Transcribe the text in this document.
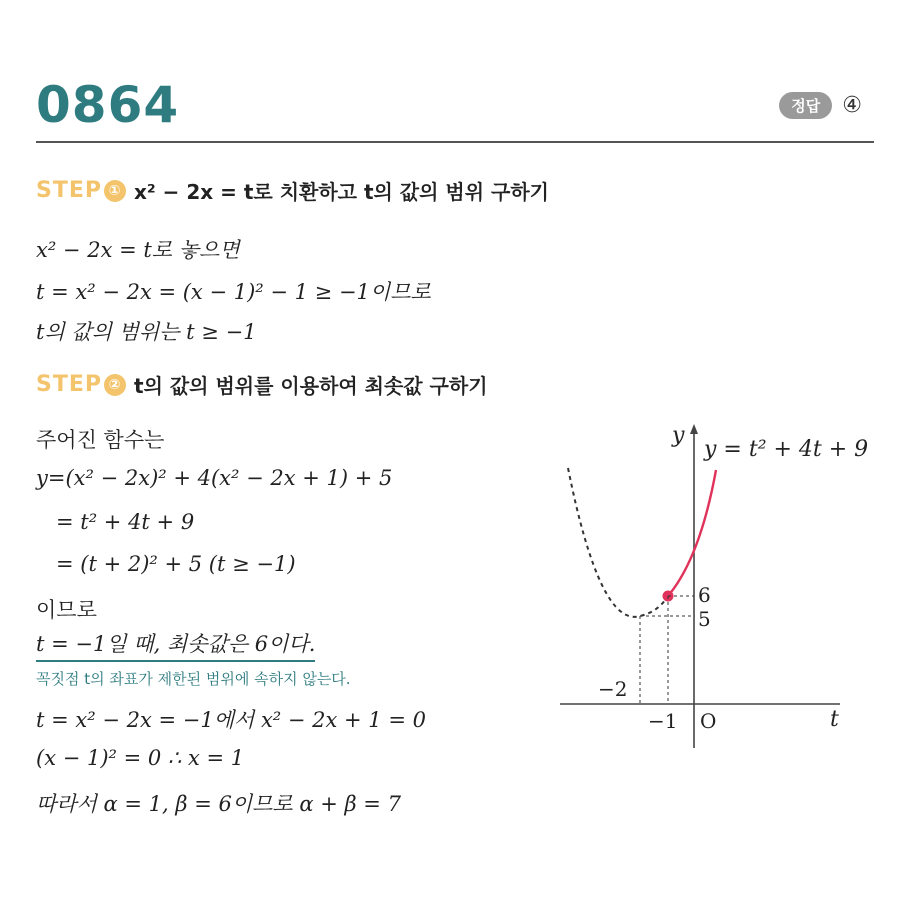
0864	정답	④
STEP ① x² − 2x = t로 치환하고 t의 값의 범위 구하기
x² − 2x = t로 놓으면
t = x² − 2x = (x − 1)² − 1 ≥ −1이므로
t의 값의 범위는 t ≥ −1
STEP ② t의 값의 범위를 이용하여 최솟값 구하기
주어진 함수는
y=(x² − 2x)² + 4(x² − 2x + 1) + 5
= t² + 4t + 9
= (t + 2)² + 5 (t ≥ −1)
이므로
t = −1일 때, 최솟값은 6이다.
꼭짓점 t의 좌표가 제한된 범위에 속하지 않는다.
t = x² − 2x = −1에서 x² − 2x + 1 = 0
(x − 1)² = 0 ∴ x = 1
따라서 α = 1, β = 6이므로 α + β = 7
y
y = t² + 4t + 9
t
O
6
5
−2
−1
